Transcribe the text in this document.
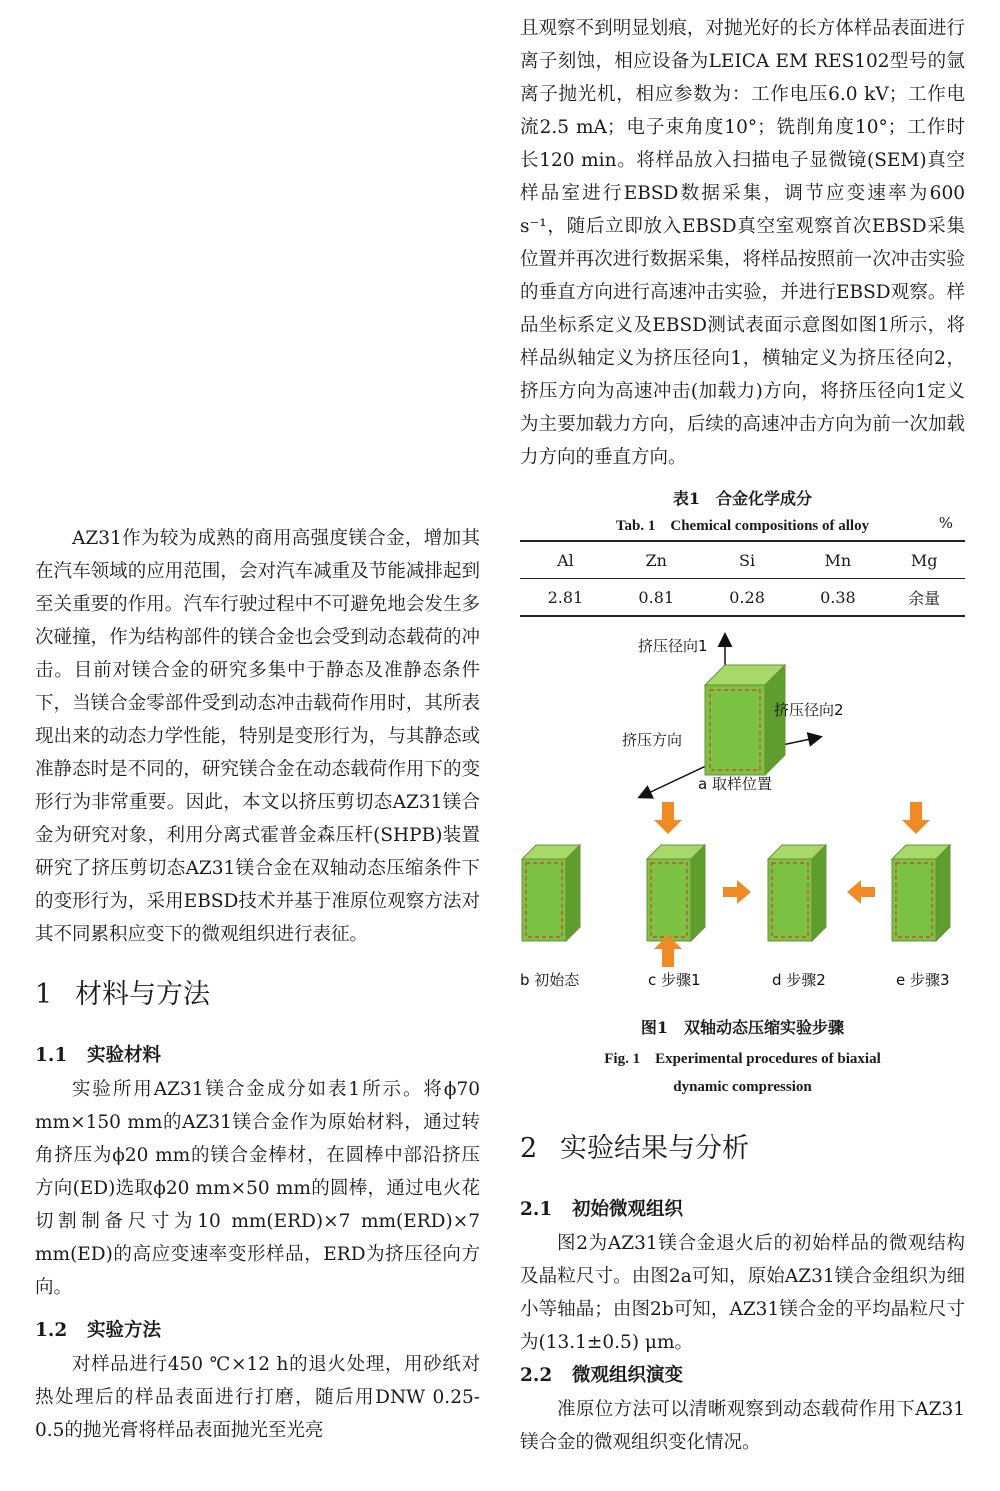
AZ31作为较为成熟的商用高强度镁合金，增加其在汽车领域的应用范围，会对汽车减重及节能减排起到至关重要的作用。汽车行驶过程中不可避免地会发生多次碰撞，作为结构部件的镁合金也会受到动态载荷的冲击。目前对镁合金的研究多集中于静态及准静态条件下，当镁合金零部件受到动态冲击载荷作用时，其所表现出来的动态力学性能，特别是变形行为，与其静态或准静态时是不同的，研究镁合金在动态载荷作用下的变形行为非常重要。因此，本文以挤压剪切态AZ31镁合金为研究对象，利用分离式霍普金森压杆(SHPB)装置研究了挤压剪切态AZ31镁合金在双轴动态压缩条件下的变形行为，采用EBSD技术并基于准原位观察方法对其不同累积应变下的微观组织进行表征。

1 材料与方法
1.1 实验材料

实验所用AZ31镁合金成分如表1所示。将ϕ70 mm×150 mm的AZ31镁合金作为原始材料，通过转角挤压为ϕ20 mm的镁合金棒材，在圆棒中部沿挤压方向(ED)选取ϕ20 mm×50 mm的圆棒，通过电火花切割制备尺寸为10 mm(ERD)×7 mm(ERD)×7 mm(ED)的高应变速率变形样品，ERD为挤压径向方向。

1.2 实验方法

对样品进行450 ℃×12 h的退火处理，用砂纸对热处理后的样品表面进行打磨，随后用DNW 0.25-0.5的抛光膏将样品表面抛光至光亮

且观察不到明显划痕，对抛光好的长方体样品表面进行离子刻蚀，相应设备为LEICA EM RES102型号的氩离子抛光机，相应参数为：工作电压6.0 kV；工作电流2.5 mA；电子束角度10°；铣削角度10°；工作时长120 min。将样品放入扫描电子显微镜(SEM)真空样品室进行EBSD数据采集，调节应变速率为600 s⁻¹，随后立即放入EBSD真空室观察首次EBSD采集位置并再次进行数据采集，将样品按照前一次冲击实验的垂直方向进行高速冲击实验，并进行EBSD观察。样品坐标系定义及EBSD测试表面示意图如图1所示，将样品纵轴定义为挤压径向1，横轴定义为挤压径向2，挤压方向为高速冲击(加载力)方向，将挤压径向1定义为主要加载力方向，后续的高速冲击方向为前一次加载力方向的垂直方向。

表1　合金化学成分
Tab. 1　Chemical compositions of alloy	%
Al	Zn	Si	Mn	Mg
2.81	0.81	0.28	0.38	余量
挤压径向1
挤压径向2
挤压方向
a 取样位置
b 初始态	c 步骤1	d 步骤2	e 步骤3
图1　双轴动态压缩实验步骤
Fig. 1　Experimental procedures of biaxial
dynamic compression
2 实验结果与分析
2.1 初始微观组织

图2为AZ31镁合金退火后的初始样品的微观结构及晶粒尺寸。由图2a可知，原始AZ31镁合金组织为细小等轴晶；由图2b可知，AZ31镁合金的平均晶粒尺寸为(13.1±0.5) μm。

2.2 微观组织演变

准原位方法可以清晰观察到动态载荷作用下AZ31镁合金的微观组织变化情况。
